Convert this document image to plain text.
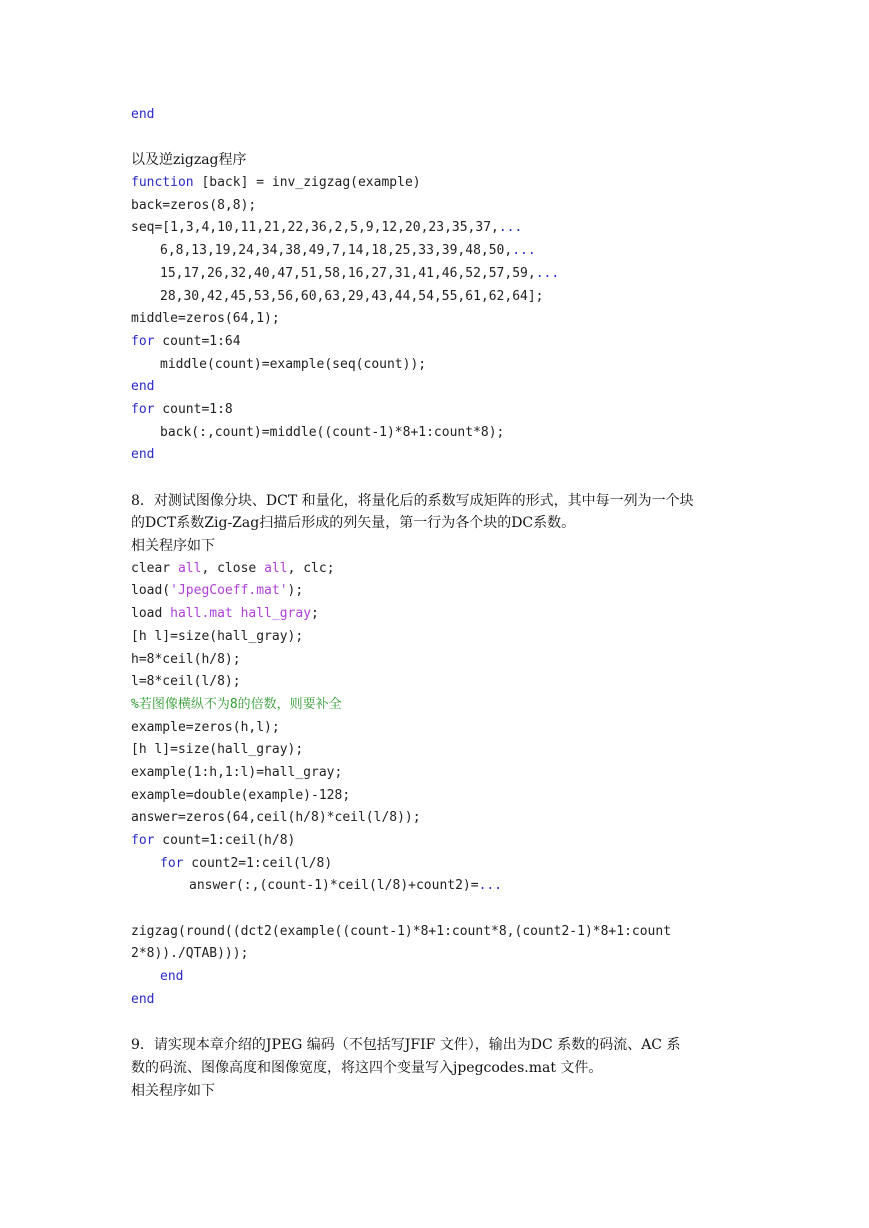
end
以及逆zigzag程序
function [back] = inv_zigzag(example)
back=zeros(8,8);
seq=[1,3,4,10,11,21,22,36,2,5,9,12,20,23,35,37,...
6,8,13,19,24,34,38,49,7,14,18,25,33,39,48,50,...
15,17,26,32,40,47,51,58,16,27,31,41,46,52,57,59,...
28,30,42,45,53,56,60,63,29,43,44,54,55,61,62,64];
middle=zeros(64,1);
for count=1:64
middle(count)=example(seq(count));
end
for count=1:8
back(:,count)=middle((count-1)*8+1:count*8);
end
8．对测试图像分块、DCT 和量化，将量化后的系数写成矩阵的形式，其中每一列为一个块
的DCT系数Zig-Zag扫描后形成的列矢量，第一行为各个块的DC系数。
相关程序如下
clear all, close all, clc;
load('JpegCoeff.mat');
load hall.mat hall_gray;
[h l]=size(hall_gray);
h=8*ceil(h/8);
l=8*ceil(l/8);
%若图像横纵不为8的倍数，则要补全
example=zeros(h,l);
[h l]=size(hall_gray);
example(1:h,1:l)=hall_gray;
example=double(example)-128;
answer=zeros(64,ceil(h/8)*ceil(l/8));
for count=1:ceil(h/8)
for count2=1:ceil(l/8)
answer(:,(count-1)*ceil(l/8)+count2)=...
zigzag(round((dct2(example((count-1)*8+1:count*8,(count2-1)*8+1:count
2*8))./QTAB)));
end
end
9．请实现本章介绍的JPEG 编码（不包括写JFIF 文件），输出为DC 系数的码流、AC 系
数的码流、图像高度和图像宽度，将这四个变量写入jpegcodes.mat 文件。
相关程序如下
